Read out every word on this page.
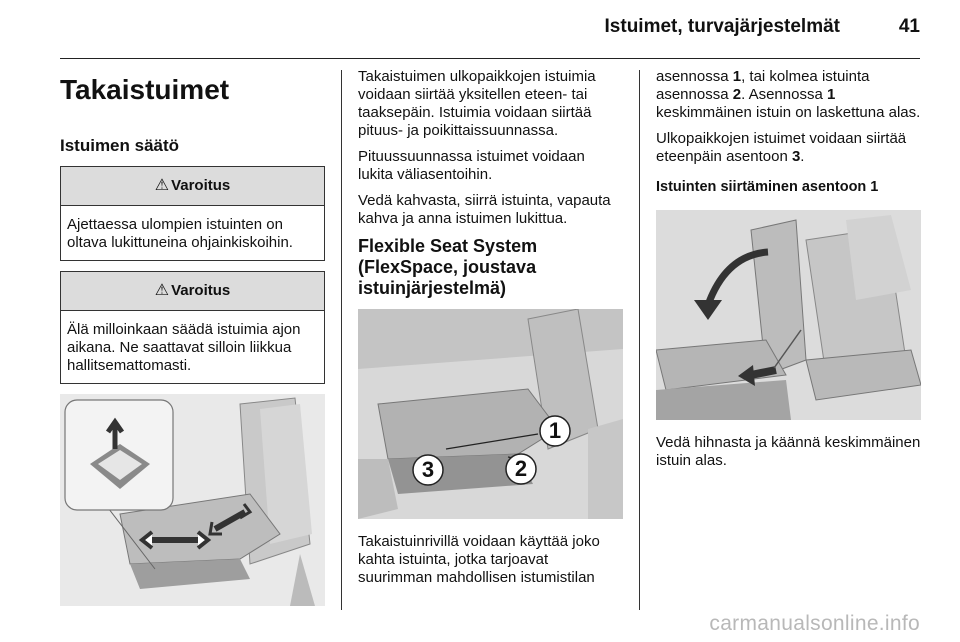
Istuimet, turvajärjestelmät	41
Takaistuimet
Istuimen säätö
⚠ Varoitus
Ajettaessa ulompien istuinten on oltava lukittuneina ohjainkiskoihin.
⚠ Varoitus
Älä milloinkaan säädä istuimia ajon aikana. Ne saattavat silloin liikkua hallitsemattomasti.

Takaistuimen ulkopaikkojen istuimia voidaan siirtää yksitellen eteen- tai taaksepäin. Istuimia voidaan siirtää pituus- ja poikittaissuunnassa.

Pituussuunnassa istuimet voidaan lukita väliasentoihin.

Vedä kahvasta, siirrä istuinta, vapauta kahva ja anna istuimen lukittua.

Flexible Seat System (FlexSpace, joustava istuinjärjestelmä)
1
2
3

Takaistuinrivillä voidaan käyttää joko kahta istuinta, jotka tarjoavat suurimman mahdollisen istumistilan

asennossa 1, tai kolmea istuinta asennossa 2. Asennossa 1 keskimmäinen istuin on laskettuna alas.

Ulkopaikkojen istuimet voidaan siirtää eteenpäin asentoon 3.

Istuinten siirtäminen asentoon 1

Vedä hihnasta ja käännä keskimmäinen istuin alas.

carmanualsonline.info
